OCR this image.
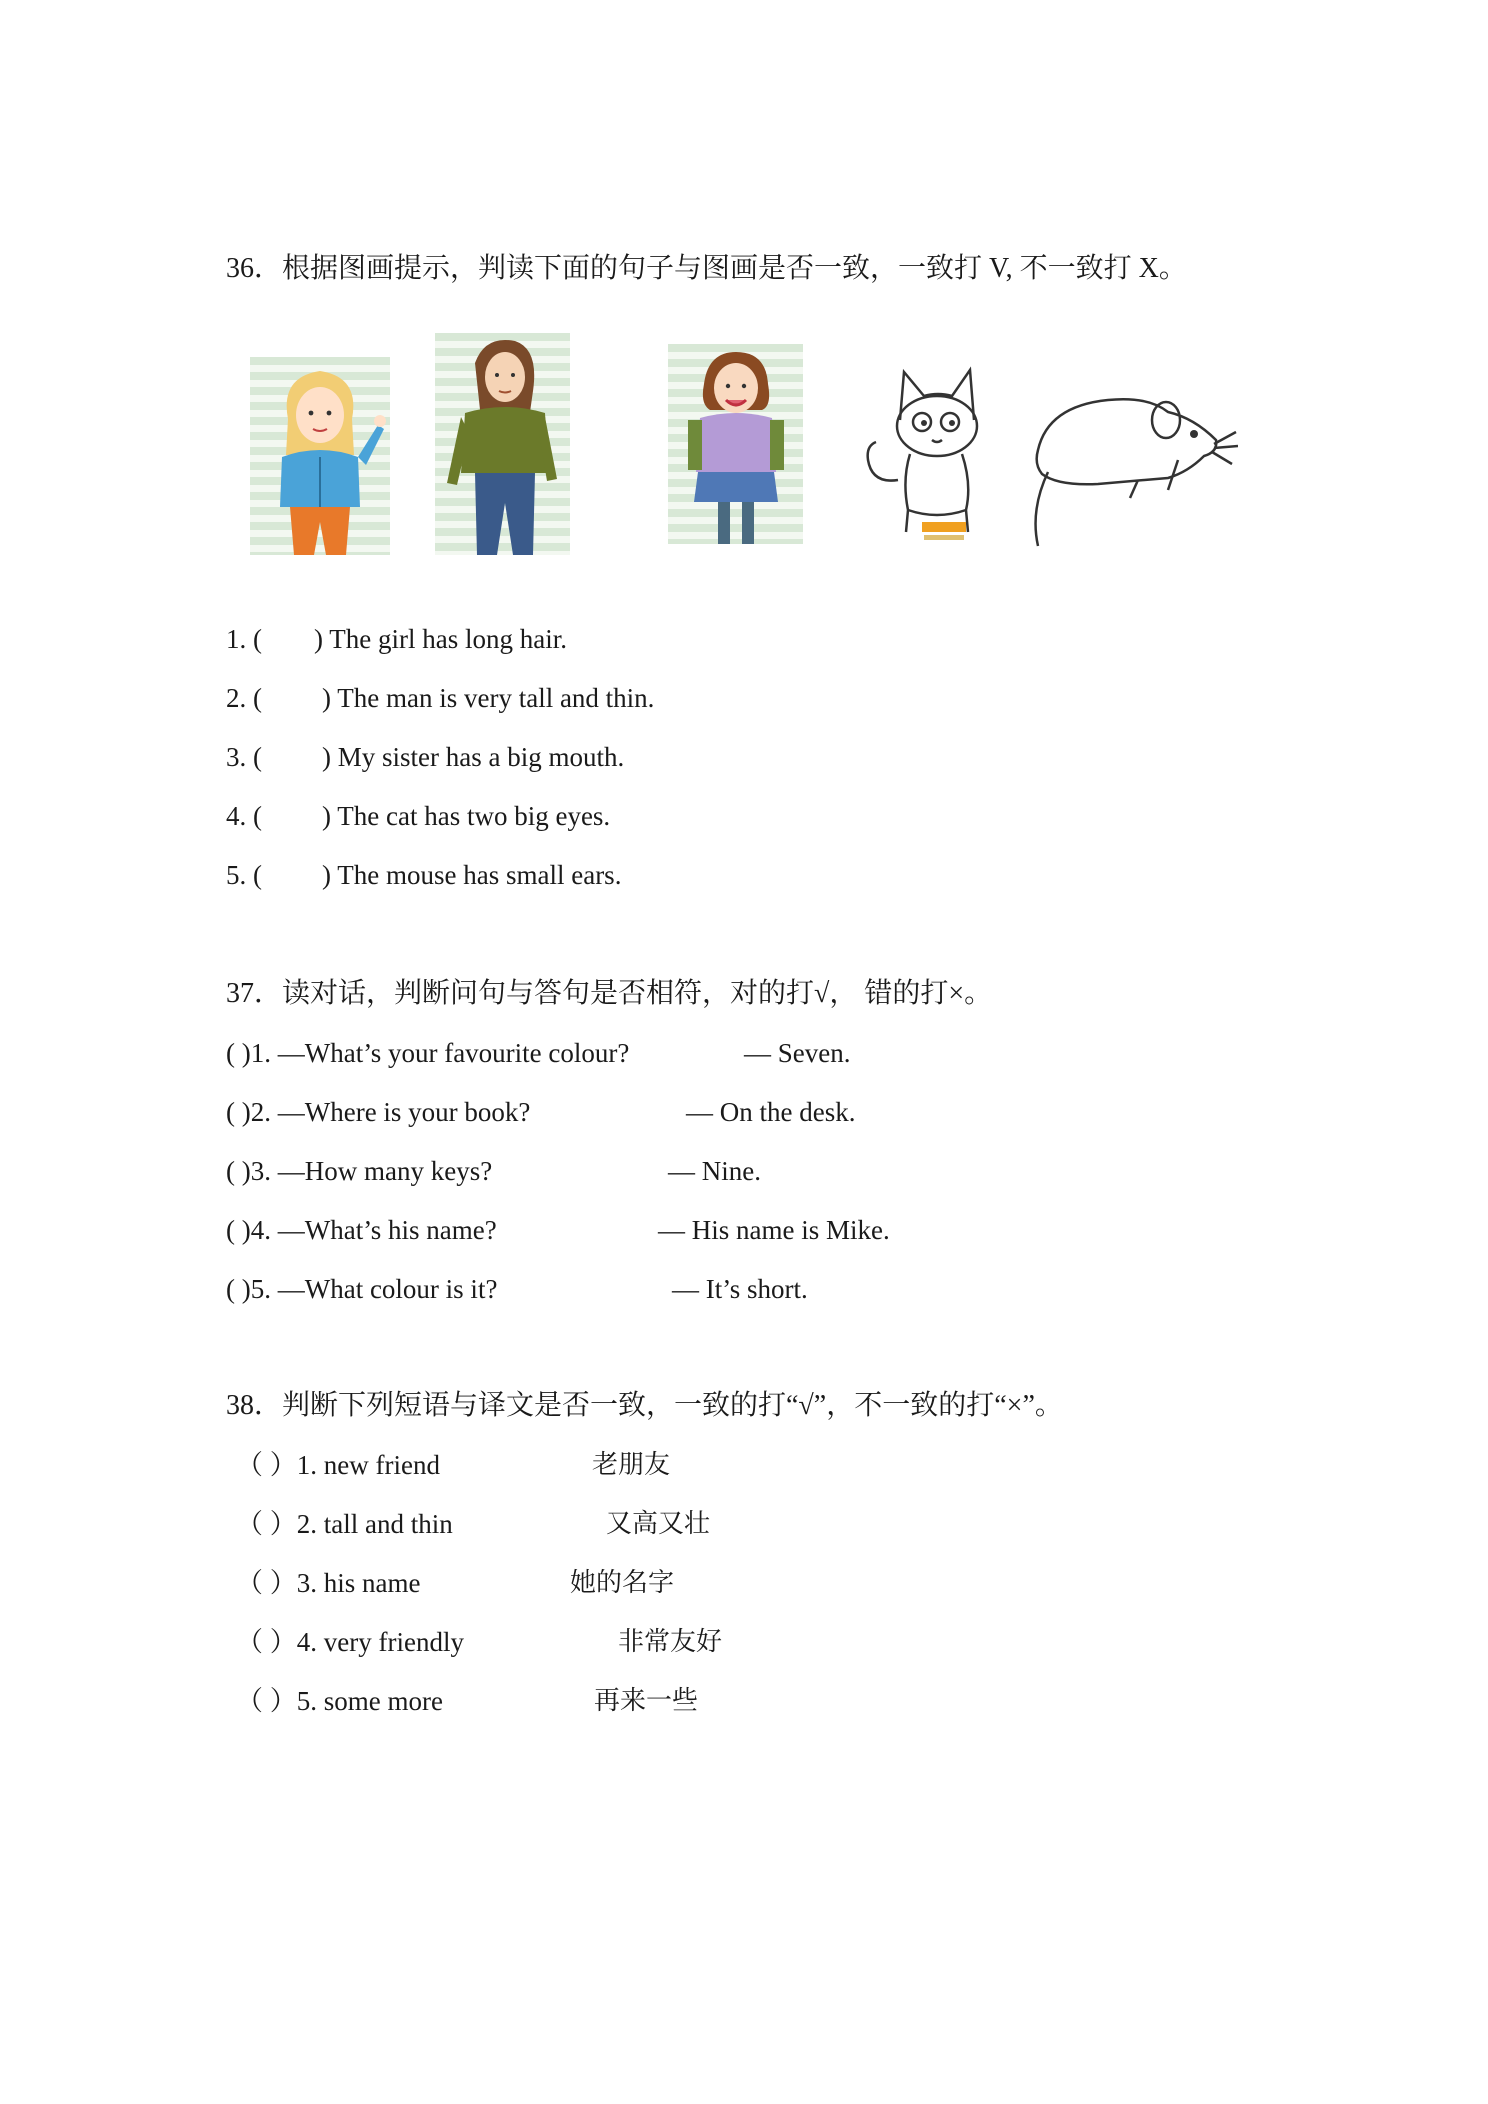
36．根据图画提示，判读下面的句子与图画是否一致，一致打 V, 不一致打 X。
1. ( ) The girl has long hair.
2. ( ) The man is very tall and thin.
3. ( ) My sister has a big mouth.
4. ( ) The cat has two big eyes.
5. ( ) The mouse has small ears.
37．读对话，判断问句与答句是否相符，对的打√， 错的打×。
( )1. —What’s your favourite colour?	— Seven.
( )2. —Where is your book?	— On the desk.
( )3. —How many keys?	— Nine.
( )4. —What’s his name?	— His name is Mike.
( )5. —What colour is it?	— It’s short.
38．判断下列短语与译文是否一致，一致的打“√”，不一致的打“×”。
（ ）1. new friend	老朋友
（ ）2. tall and thin	又高又壮
（ ）3. his name	她的名字
（ ）4. very friendly	非常友好
（ ）5. some more	再来一些
